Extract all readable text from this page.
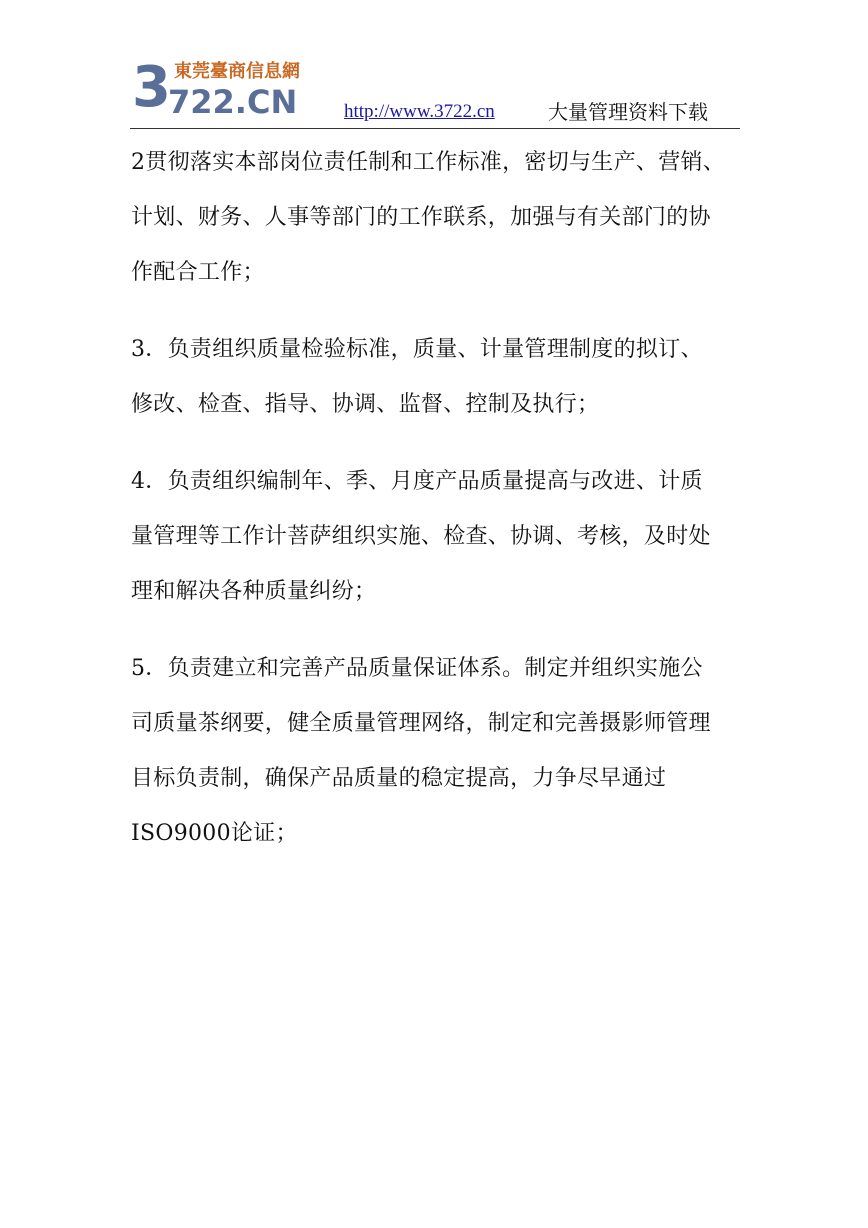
3 722.CN
東莞臺商信息網
http://www.3722.cn	大量管理资料下载

2贯彻落实本部岗位责任制和工作标准，密切与生产、营销、
计划、财务、人事等部门的工作联系，加强与有关部门的协
作配合工作；

3．负责组织质量检验标准，质量、计量管理制度的拟订、
修改、检查、指导、协调、监督、控制及执行；

4．负责组织编制年、季、月度产品质量提高与改进、计质
量管理等工作计菩萨组织实施、检查、协调、考核，及时处
理和解决各种质量纠纷；

5．负责建立和完善产品质量保证体系。制定并组织实施公
司质量茶纲要，健全质量管理网络，制定和完善摄影师管理
目标负责制，确保产品质量的稳定提高，力争尽早通过
ISO9000论证；
